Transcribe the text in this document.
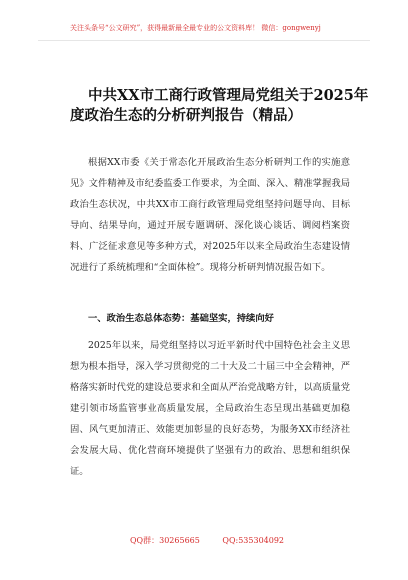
关注头条号“公文研究”，获得最新最全最专业的公文资料库！ 微信：gongwenyj
中共XX市工商行政管理局党组关于2025年度政治生态的分析研判报告（精品）
根据XX市委《关于常态化开展政治生态分析研判工作的实施意见》文件精神及市纪委监委工作要求，为全面、深入、精准掌握我局政治生态状况，中共XX市工商行政管理局党组坚持问题导向、目标导向、结果导向，通过开展专题调研、深化谈心谈话、调阅档案资料、广泛征求意见等多种方式，对2025年以来全局政治生态建设情况进行了系统梳理和“全面体检”。现将分析研判情况报告如下。
一、政治生态总体态势：基础坚实，持续向好
2025年以来，局党组坚持以习近平新时代中国特色社会主义思想为根本指导，深入学习贯彻党的二十大及二十届三中全会精神，严格落实新时代党的建设总要求和全面从严治党战略方针，以高质量党建引领市场监管事业高质量发展，全局政治生态呈现出基础更加稳固、风气更加清正、效能更加彰显的良好态势，为服务XX市经济社会发展大局、优化营商环境提供了坚强有力的政治、思想和组织保证。
QQ群：30265665	QQ:535304092
